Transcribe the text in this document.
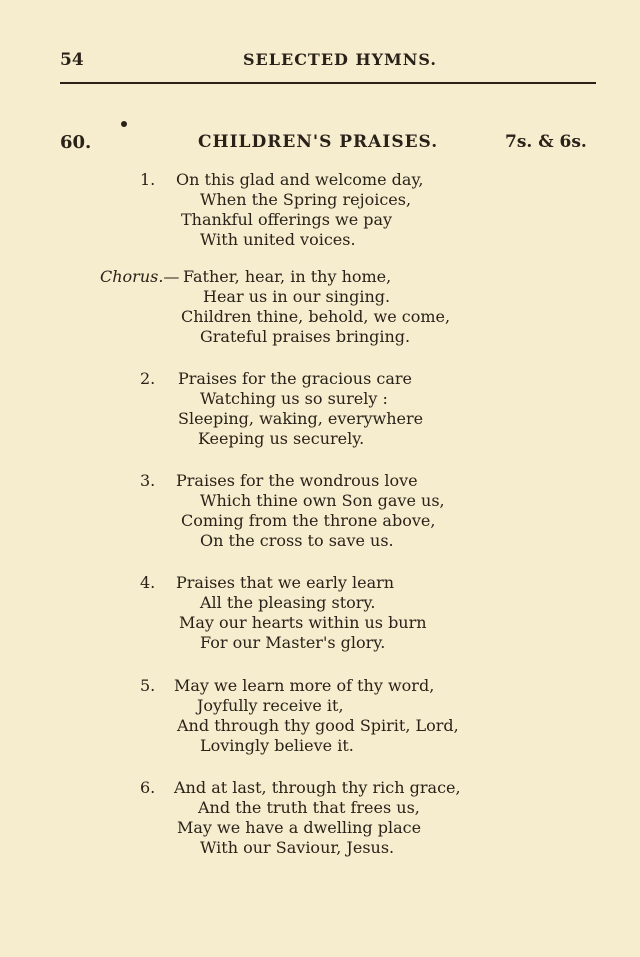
54	SELECTED HYMNS.
60.	CHILDREN'S PRAISES.	7s. & 6s.
1. On this glad and welcome day,
When the Spring rejoices,
Thankful offerings we pay
With united voices.
Chorus.— Father, hear, in thy home,
Hear us in our singing.
Children thine, behold, we come,
Grateful praises bringing.
2. Praises for the gracious care
Watching us so surely :
Sleeping, waking, everywhere
Keeping us securely.
3. Praises for the wondrous love
Which thine own Son gave us,
Coming from the throne above,
On the cross to save us.
4. Praises that we early learn
All the pleasing story.
May our hearts within us burn
For our Master's glory.
5. May we learn more of thy word,
Joyfully receive it,
And through thy good Spirit, Lord,
Lovingly believe it.
6. And at last, through thy rich grace,
And the truth that frees us,
May we have a dwelling place
With our Saviour, Jesus.
